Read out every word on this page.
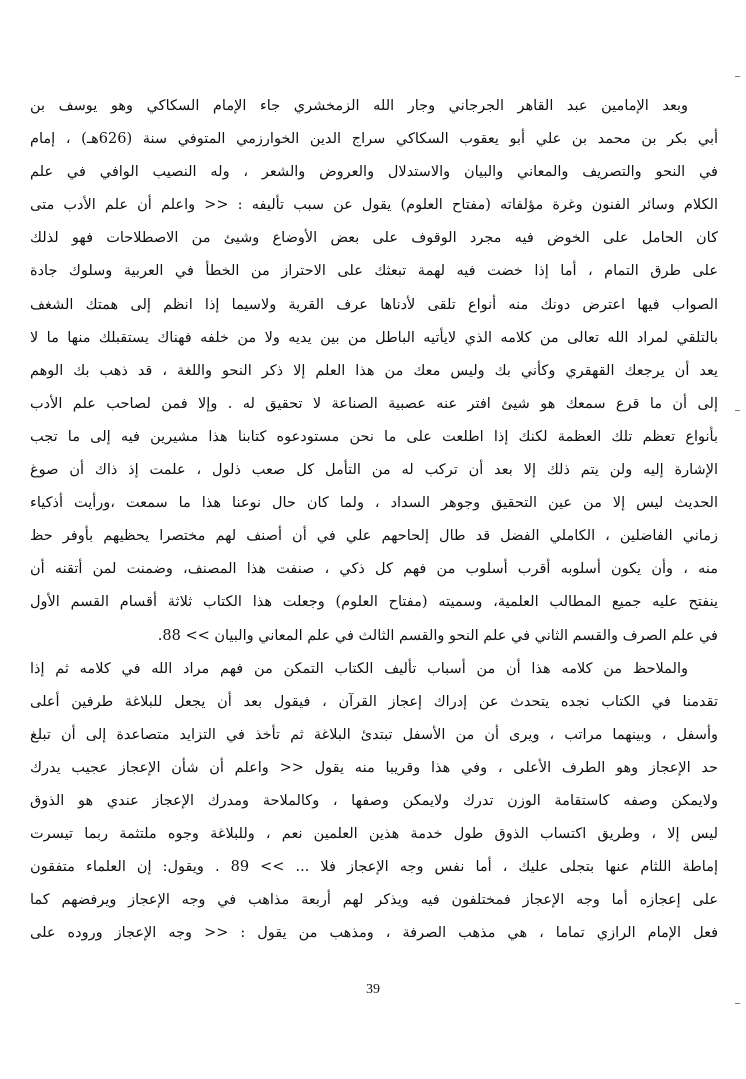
وبعد الإمامين عبد القاهر الجرجاني وجار الله الزمخشري جاء الإمام السكاكي وهو يوسف بن
أبي بكر بن محمد بن علي أبو يعقوب السكاكي سراج الدين الخوارزمي المتوفي سنة (626هـ) ، إمام
في النحو والتصريف والمعاني والبيان والاستدلال والعروض والشعر ، وله النصيب الوافي في علم
الكلام وسائر الفنون وغرة مؤلفاته (مفتاح العلوم) يقول عن سبب تأليفه : << واعلم أن علم الأدب متى
كان الحامل على الخوض فيه مجرد الوقوف على بعض الأوضاع وشيئ من الاصطلاحات فهو لذلك
على طرق التمام ، أما إذا خضت فيه لهمة تبعثك على الاحتراز من الخطأ في العربية وسلوك جادة
الصواب فيها اعترض دونك منه أنواع تلقى لأدناها عرف القرية ولاسيما إذا انظم إلى همتك الشغف
بالتلقي لمراد الله تعالى من كلامه الذي لايأتيه الباطل من بين يديه ولا من خلفه فهناك يستقبلك منها ما لا
يعد أن يرجعك القهقري وكأني بك وليس معك من هذا العلم إلا ذكر النحو واللغة ، قد ذهب بك الوهم
إلى أن ما قرع سمعك هو شيئ افتر عنه عصبية الصناعة لا تحقيق له . وإلا فمن لصاحب علم الأدب
بأنواع تعظم تلك العظمة لكنك إذا اطلعت على ما نحن مستودعوه كتابنا هذا مشيرين فيه إلى ما تجب
الإشارة إليه ولن يتم ذلك إلا بعد أن تركب له من التأمل كل صعب ذلول ، علمت إذ ذاك أن صوغ
الحديث ليس إلا من عين التحقيق وجوهر السداد ، ولما كان حال نوعنا هذا ما سمعت ،ورأيت أذكياء
زماني الفاضلين ، الكاملي الفضل قد طال إلحاحهم علي في أن أصنف لهم مختصرا يحظيهم بأوفر حظ
منه ، وأن يكون أسلوبه أقرب أسلوب من فهم كل ذكي ، صنفت هذا المصنف، وضمنت لمن أتقنه أن
ينفتح عليه جميع المطالب العلمية، وسميته (مفتاح العلوم) وجعلت هذا الكتاب ثلاثة أقسام القسم الأول
في علم الصرف والقسم الثاني في علم النحو والقسم الثالث في علم المعاني والبيان >> 88.
والملاحظ من كلامه هذا أن من أسباب تأليف الكتاب التمكن من فهم مراد الله في كلامه ثم إذا
تقدمنا في الكتاب نجده يتحدث عن إدراك إعجاز القرآن ، فيقول بعد أن يجعل للبلاغة طرفين أعلى
وأسفل ، وبينهما مراتب ، ويرى أن من الأسفل تبتدئ البلاغة ثم تأخذ في التزايد متصاعدة إلى أن تبلغ
حد الإعجاز وهو الطرف الأعلى ، وفي هذا وقريبا منه يقول << واعلم أن شأن الإعجاز عجيب يدرك
ولايمكن وصفه كاستقامة الوزن تدرك ولايمكن وصفها ، وكالملاحة ومدرك الإعجاز عندي هو الذوق
ليس إلا ، وطريق اكتساب الذوق طول خدمة هذين العلمين نعم ، وللبلاغة وجوه ملتثمة ربما تيسرت
إماطة اللثام عنها بتجلى عليك ، أما نفس وجه الإعجاز فلا ... >> 89 . ويقول: إن العلماء متفقون
على إعجازه أما وجه الإعجاز فمختلفون فيه ويذكر لهم أربعة مذاهب في وجه الإعجاز ويرفضهم كما
فعل الإمام الرازي تماما ، هي مذهب الصرفة ، ومذهب من يقول : << وجه الإعجاز وروده على
39
